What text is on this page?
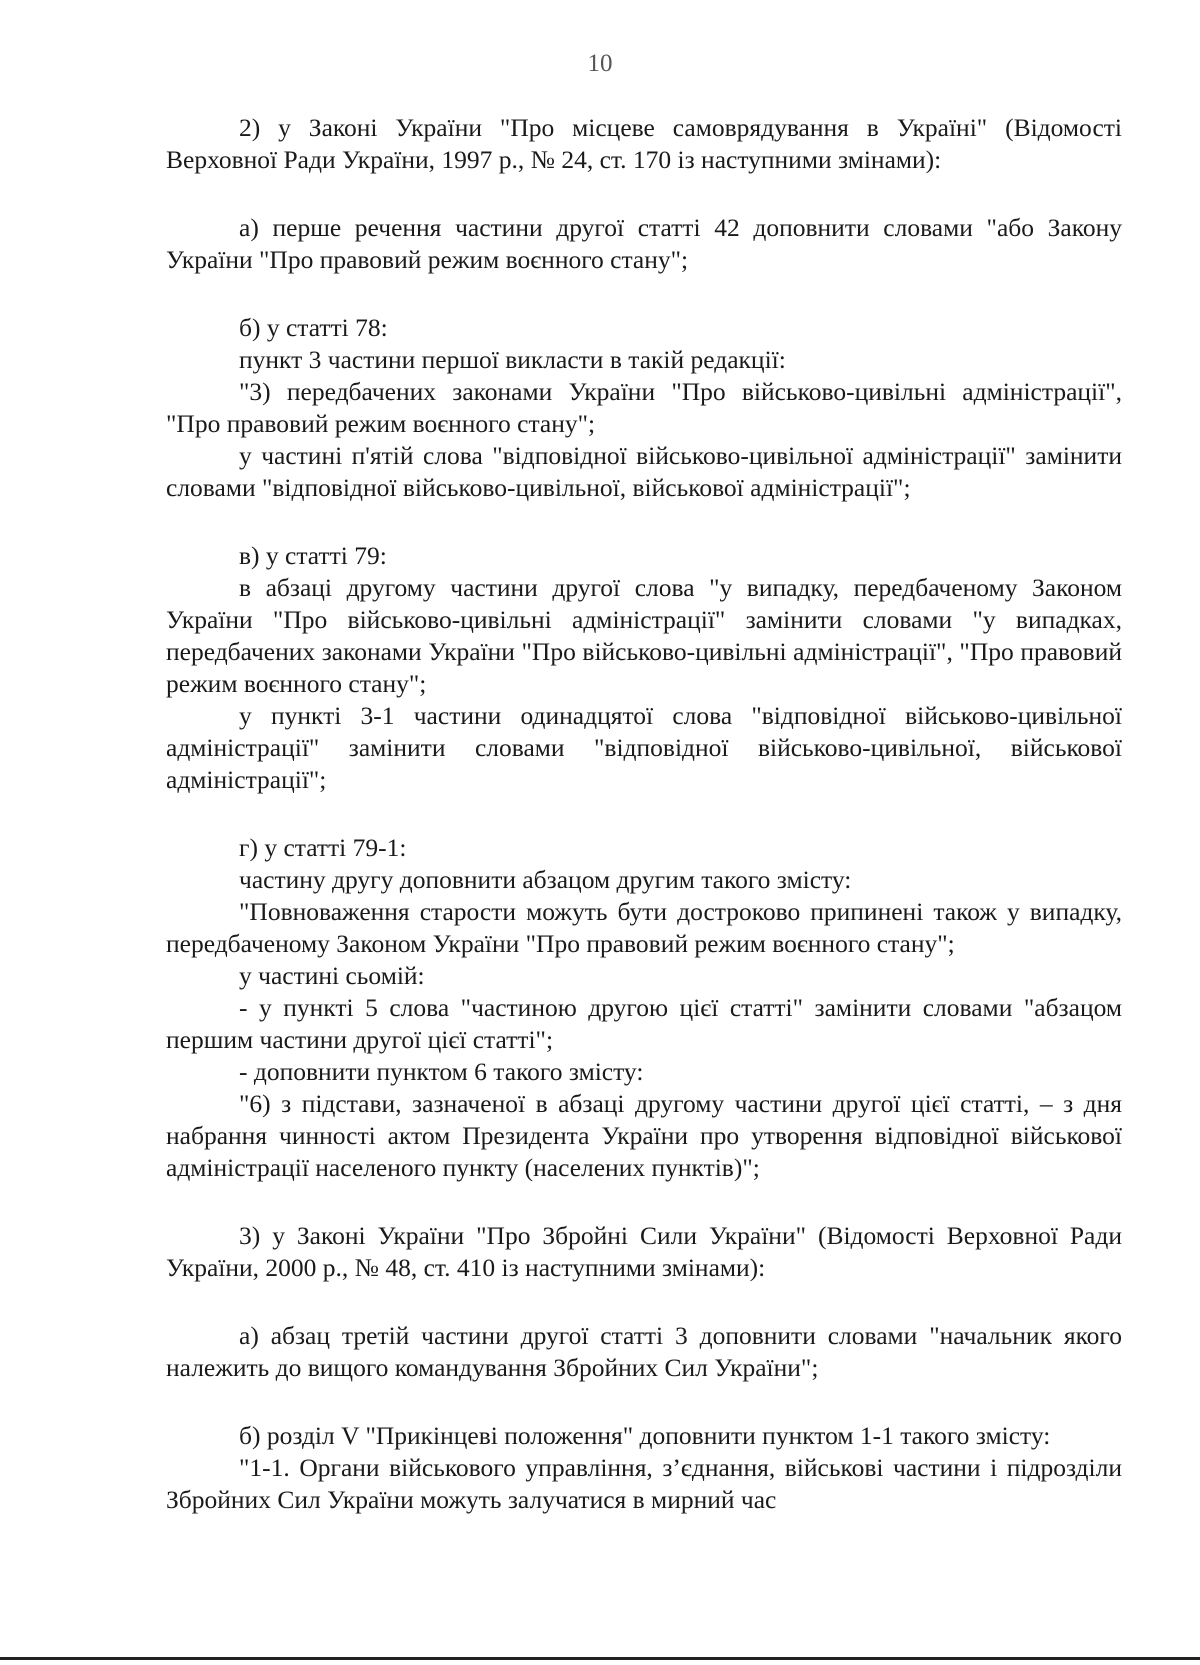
10

2) у Законі України "Про місцеве самоврядування в Україні" (Відомості Верховної Ради України, 1997 р., № 24, ст. 170 із наступними змінами):

а) перше речення частини другої статті 42 доповнити словами "або Закону України "Про правовий режим воєнного стану";

б) у статті 78:

пункт 3 частини першої викласти в такій редакції:

"3) передбачених законами України "Про військово-цивільні адміністрації", "Про правовий режим воєнного стану";

у частині п'ятій слова "відповідної військово-цивільної адміністрації" замінити словами "відповідної військово-цивільної, військової адміністрації";

в) у статті 79:

в абзаці другому частини другої слова "у випадку, передбаченому Законом України "Про військово-цивільні адміністрації" замінити словами "у випадках, передбачених законами України "Про військово-цивільні адміністрації", "Про правовий режим воєнного стану";

у пункті 3-1 частини одинадцятої слова "відповідної військово-цивільної адміністрації" замінити словами "відповідної військово-цивільної, військової адміністрації";

г) у статті 79-1:

частину другу доповнити абзацом другим такого змісту:

"Повноваження старости можуть бути достроково припинені також у випадку, передбаченому Законом України "Про правовий режим воєнного стану";

у частині сьомій:

- у пункті 5 слова "частиною другою цієї статті" замінити словами "абзацом першим частини другої цієї статті";

- доповнити пунктом 6 такого змісту:

"6) з підстави, зазначеної в абзаці другому частини другої цієї статті, – з дня набрання чинності актом Президента України про утворення відповідної військової адміністрації населеного пункту (населених пунктів)";

3) у Законі України "Про Збройні Сили України" (Відомості Верховної Ради України, 2000 р., № 48, ст. 410 із наступними змінами):

а) абзац третій частини другої статті 3 доповнити словами "начальник якого належить до вищого командування Збройних Сил України";

б) розділ V "Прикінцеві положення" доповнити пунктом 1-1 такого змісту:

"1-1. Органи військового управління, з’єднання, військові частини і підрозділи Збройних Сил України можуть залучатися в мирний час
